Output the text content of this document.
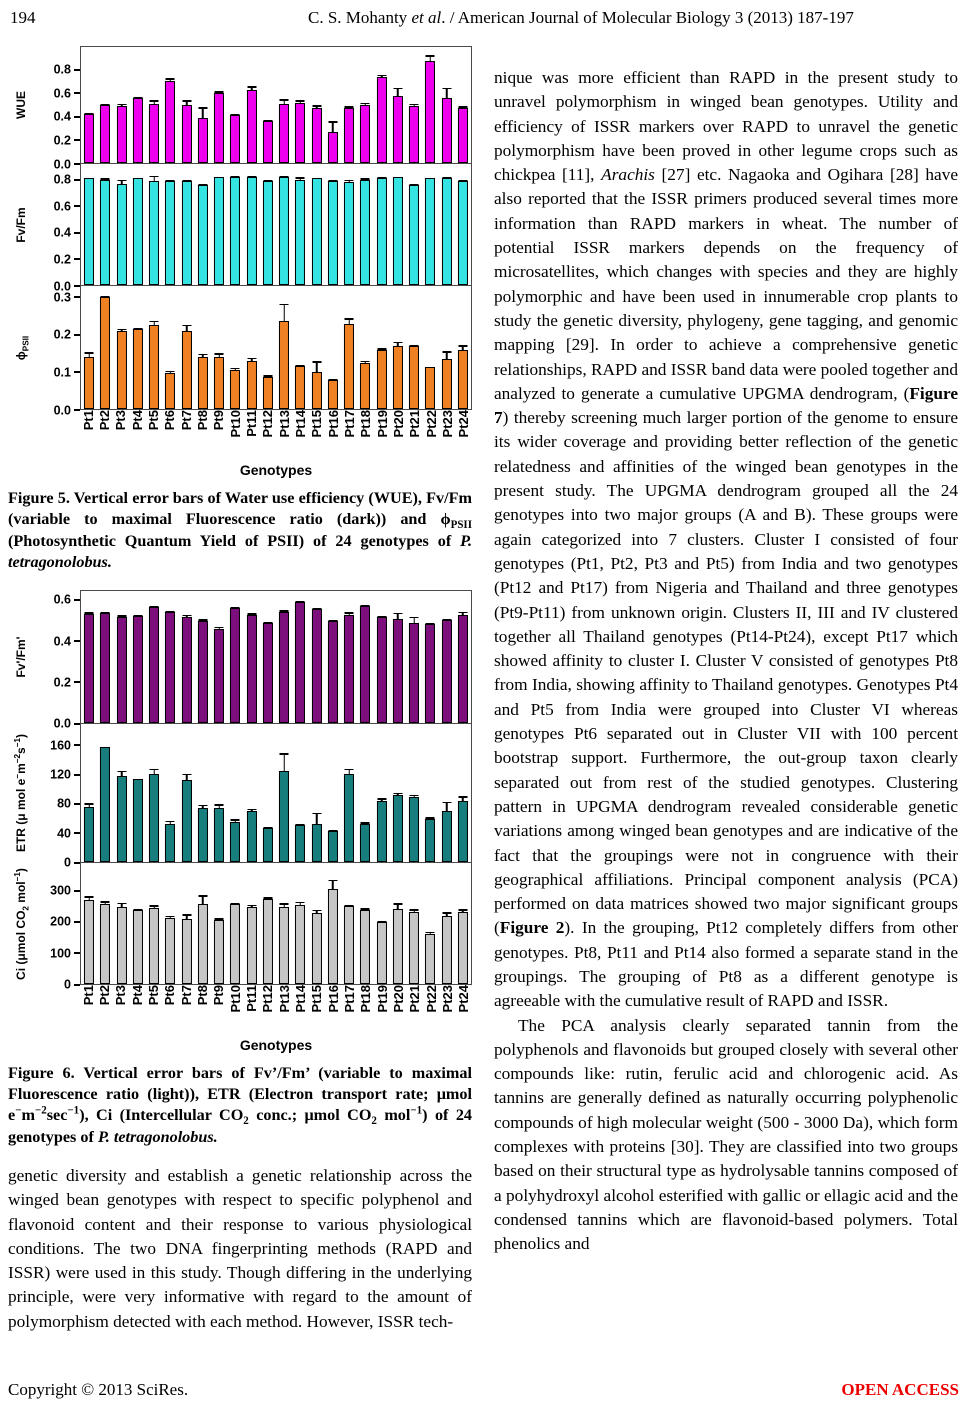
194	C. S. Mohanty et al. / American Journal of Molecular Biology 3 (2013) 187-197
WUE
0.0
0.2
0.4
0.6
0.8
Fv/Fm
0.0
0.2
0.4
0.6
0.8
$\phi_{PSII}$
0.0
0.1
0.2
0.3
Pt1 Pt2 Pt3 Pt4 Pt5 Pt6 Pt7 Pt8 Pt9 Pt10 Pt11 Pt12 Pt13 Pt14 Pt15 Pt16 Pt17 Pt18 Pt19 Pt20 Pt21 Pt22 Pt23 Pt24
Genotypes
Figure 5. Vertical error bars of Water use efficiency (WUE), Fv/Fm (variable to maximal Fluorescence ratio (dark)) and $\phi_{PSII}$ (Photosynthetic Quantum Yield of PSII) of 24 genotypes of P. tetragonolobus.
Fv'/Fm'
0.0
0.2
0.4
0.6
ETR (μ mol $e^-m^{-2}s^{-1}$)
0
40
80
120
160
Ci (μmol $CO_2$ mol$^{-1}$)
0
100
200
300
Pt1 Pt2 Pt3 Pt4 Pt5 Pt6 Pt7 Pt8 Pt9 Pt10 Pt11 Pt12 Pt13 Pt14 Pt15 Pt16 Pt17 Pt18 Pt19 Pt20 Pt21 Pt22 Pt23 Pt24
Genotypes
Figure 6. Vertical error bars of Fv’/Fm’ (variable to maximal Fluorescence ratio (light)), ETR (Electron transport rate; μmol $e^-m^{-2}\sec^{-1}$), Ci (Intercellular $CO_2$ conc.; μmol $CO_2$ mol$^{-1}$) of 24 genotypes of P. tetragonolobus.

genetic diversity and establish a genetic relationship across the winged bean genotypes with respect to specific polyphenol and flavonoid content and their response to various physiological conditions. The two DNA fingerprinting methods (RAPD and ISSR) were used in this study. Though differing in the underlying principle, were very informative with regard to the amount of polymorphism detected with each method. However, ISSR tech-

nique was more efficient than RAPD in the present study to unravel polymorphism in winged bean genotypes. Utility and efficiency of ISSR markers over RAPD to unravel the genetic polymorphism have been proved in other legume crops such as chickpea [11], Arachis [27] etc. Nagaoka and Ogihara [28] have also reported that the ISSR primers produced several times more information than RAPD markers in wheat. The number of potential ISSR markers depends on the frequency of microsatellites, which changes with species and they are highly polymorphic and have been used in innumerable crop plants to study the genetic diversity, phylogeny, gene tagging, and genomic mapping [29]. In order to achieve a comprehensive genetic relationships, RAPD and ISSR band data were pooled together and analyzed to generate a cumulative UPGMA dendrogram, (Figure 7) thereby screening much larger portion of the genome to ensure its wider coverage and providing better reflection of the genetic relatedness and affinities of the winged bean genotypes in the present study. The UPGMA dendrogram grouped all the 24 genotypes into two major groups (A and B). These groups were again categorized into 7 clusters. Cluster I consisted of four genotypes (Pt1, Pt2, Pt3 and Pt5) from India and two genotypes (Pt12 and Pt17) from Nigeria and Thailand and three genotypes (Pt9-Pt11) from unknown origin. Clusters II, III and IV clustered together all Thailand genotypes (Pt14-Pt24), except Pt17 which showed affinity to cluster I. Cluster V consisted of genotypes Pt8 from India, showing affinity to Thailand genotypes. Genotypes Pt4 and Pt5 from India were grouped into Cluster VI whereas genotypes Pt6 separated out in Cluster VII with 100 percent bootstrap support. Furthermore, the out-group taxon clearly separated out from rest of the studied genotypes. Clustering pattern in UPGMA dendrogram revealed considerable genetic variations among winged bean genotypes and are indicative of the fact that the groupings were not in congruence with their geographical affiliations. Principal component analysis (PCA) performed on data matrices showed two major significant groups (Figure 2). In the grouping, Pt12 completely differs from other genotypes. Pt8, Pt11 and Pt14 also formed a separate stand in the groupings. The grouping of Pt8 as a different genotype is agreeable with the cumulative result of RAPD and ISSR.

The PCA analysis clearly separated tannin from the polyphenols and flavonoids but grouped closely with several other compounds like: rutin, ferulic acid and chlorogenic acid. As tannins are generally defined as naturally occurring polyphenolic compounds of high molecular weight (500 - 3000 Da), which form complexes with proteins [30]. They are classified into two groups based on their structural type as hydrolysable tannins composed of a polyhydroxyl alcohol esterified with gallic or ellagic acid and the condensed tannins which are flavonoid-based polymers. Total phenolics and

Copyright © 2013 SciRes.	OPEN ACCESS
